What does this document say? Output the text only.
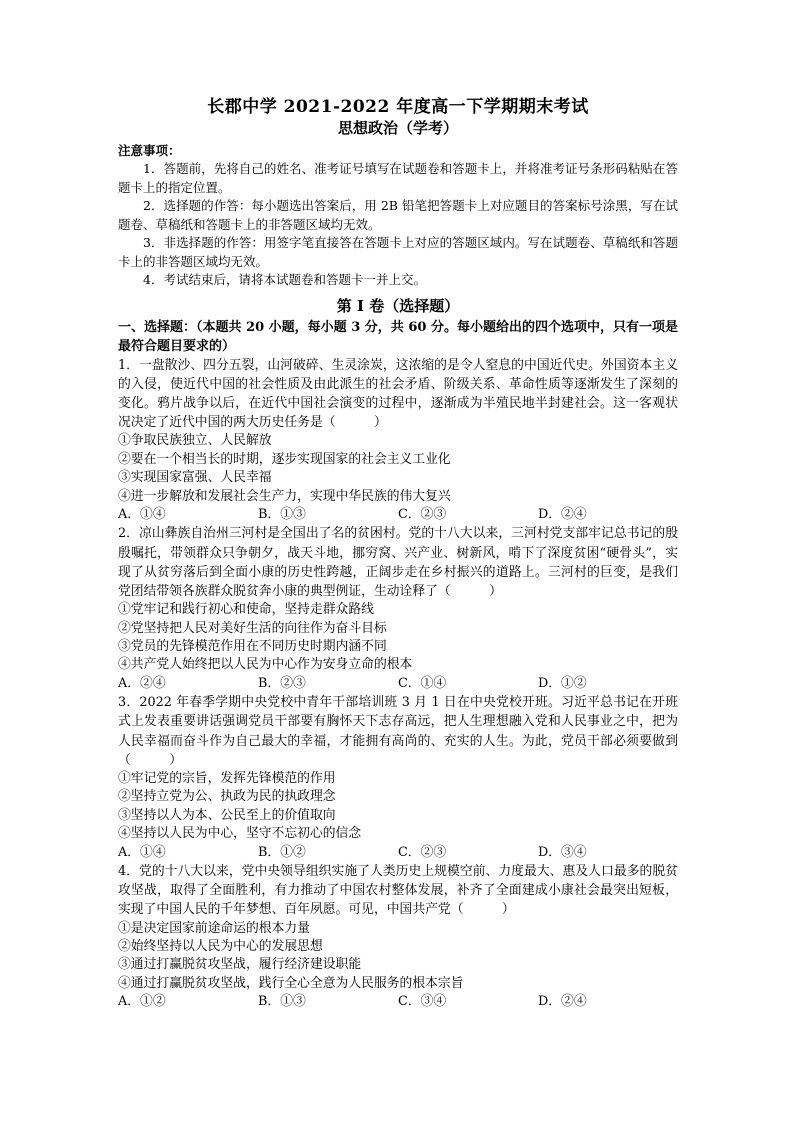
长郡中学 2021-2022 年度高一下学期期末考试
思想政治（学考）
注意事项：

1．答题前，先将自己的姓名、准考证号填写在试题卷和答题卡上，并将准考证号条形码粘贴在答题卡上的指定位置。

2．选择题的作答：每小题选出答案后，用 2B 铅笔把答题卡上对应题目的答案标号涂黑，写在试题卷、草稿纸和答题卡上的非答题区域均无效。

3．非选择题的作答：用签字笔直接答在答题卡上对应的答题区域内。写在试题卷、草稿纸和答题卡上的非答题区域均无效。

4．考试结束后，请将本试题卷和答题卡一并上交。

第 I 卷（选择题）
一、选择题：（本题共 20 小题，每小题 3 分，共 60 分。每小题给出的四个选项中，只有一项是最符合题目要求的）

1．一盘散沙、四分五裂，山河破碎、生灵涂炭，这浓缩的是令人窒息的中国近代史。外国资本主义的入侵，使近代中国的社会性质及由此派生的社会矛盾、阶级关系、革命性质等逐渐发生了深刻的变化。鸦片战争以后，在近代中国社会演变的过程中，逐渐成为半殖民地半封建社会。这一客观状况决定了近代中国的两大历史任务是（　　　）

①争取民族独立、人民解放

②要在一个相当长的时期，逐步实现国家的社会主义工业化

③实现国家富强、人民幸福

④进一步解放和发展社会生产力，实现中华民族的伟大复兴

A．①④	B．①③	C．②③	D．②④

2．凉山彝族自治州三河村是全国出了名的贫困村。党的十八大以来，三河村党支部牢记总书记的殷殷嘱托，带领群众只争朝夕，战天斗地，挪穷窝、兴产业、树新风，啃下了深度贫困“硬骨头”，实现了从贫穷落后到全面小康的历史性跨越，正阔步走在乡村振兴的道路上。三河村的巨变，是我们党团结带领各族群众脱贫奔小康的典型例证，生动诠释了（　　　）

①党牢记和践行初心和使命，坚持走群众路线

②党坚持把人民对美好生活的向往作为奋斗目标

③党员的先锋模范作用在不同历史时期内涵不同

④共产党人始终把以人民为中心作为安身立命的根本

A．②④	B．②③	C．①④	D．①②

3．2022 年春季学期中央党校中青年干部培训班 3 月 1 日在中央党校开班。习近平总书记在开班式上发表重要讲话强调党员干部要有胸怀天下志存高远，把人生理想融入党和人民事业之中，把为人民幸福而奋斗作为自己最大的幸福，才能拥有高尚的、充实的人生。为此，党员干部必须要做到（　　　）

①牢记党的宗旨，发挥先锋模范的作用

②坚持立党为公、执政为民的执政理念

③坚持以人为本、公民至上的价值取向

④坚持以人民为中心，坚守不忘初心的信念

A．①④	B．①②	C．②③	D．③④

4．党的十八大以来，党中央领导组织实施了人类历史上规模空前、力度最大、惠及人口最多的脱贫攻坚战，取得了全面胜利，有力推动了中国农村整体发展，补齐了全面建成小康社会最突出短板，实现了中国人民的千年梦想、百年夙愿。可见，中国共产党（　　　）

①是决定国家前途命运的根本力量

②始终坚持以人民为中心的发展思想

③通过打赢脱贫攻坚战，履行经济建设职能

④通过打赢脱贫攻坚战，践行全心全意为人民服务的根本宗旨

A．①②	B．①③	C．③④	D．②④
